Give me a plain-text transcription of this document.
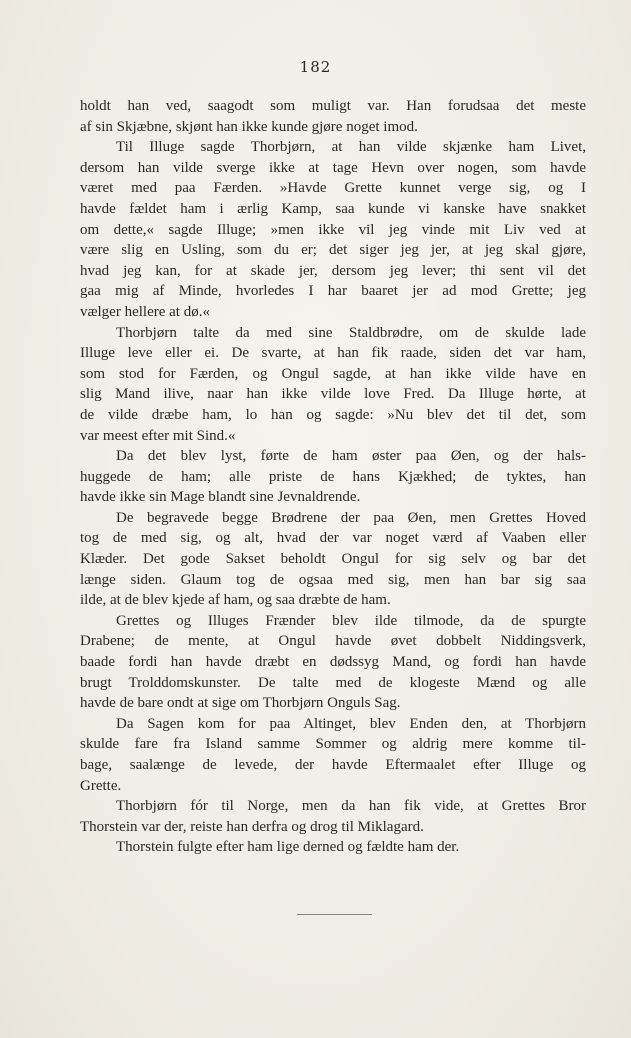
182
holdt han ved, saagodt som muligt var. Han forudsaa det meste
af sin Skjæbne, skjønt han ikke kunde gjøre noget imod.
Til Illuge sagde Thorbjørn, at han vilde skjænke ham Livet,
dersom han vilde sverge ikke at tage Hevn over nogen, som havde
været med paa Færden. »Havde Grette kunnet verge sig, og I
havde fældet ham i ærlig Kamp, saa kunde vi kanske have snakket
om dette,« sagde Illuge; »men ikke vil jeg vinde mit Liv ved at
være slig en Usling, som du er; det siger jeg jer, at jeg skal gjøre,
hvad jeg kan, for at skade jer, dersom jeg lever; thi sent vil det
gaa mig af Minde, hvorledes I har baaret jer ad mod Grette; jeg
vælger hellere at dø.«
Thorbjørn talte da med sine Staldbrødre, om de skulde lade
Illuge leve eller ei. De svarte, at han fik raade, siden det var ham,
som stod for Færden, og Ongul sagde, at han ikke vilde have en
slig Mand ilive, naar han ikke vilde love Fred. Da Illuge hørte, at
de vilde dræbe ham, lo han og sagde: »Nu blev det til det, som
var meest efter mit Sind.«
Da det blev lyst, førte de ham øster paa Øen, og der hals-
huggede de ham; alle priste de hans Kjækhed; de tyktes, han
havde ikke sin Mage blandt sine Jevnaldrende.
De begravede begge Brødrene der paa Øen, men Grettes Hoved
tog de med sig, og alt, hvad der var noget værd af Vaaben eller
Klæder. Det gode Sakset beholdt Ongul for sig selv og bar det
længe siden. Glaum tog de ogsaa med sig, men han bar sig saa
ilde, at de blev kjede af ham, og saa dræbte de ham.
Grettes og Illuges Frænder blev ilde tilmode, da de spurgte
Drabene; de mente, at Ongul havde øvet dobbelt Niddingsverk,
baade fordi han havde dræbt en dødssyg Mand, og fordi han havde
brugt Trolddomskunster. De talte med de klogeste Mænd og alle
havde de bare ondt at sige om Thorbjørn Onguls Sag.
Da Sagen kom for paa Altinget, blev Enden den, at Thorbjørn
skulde fare fra Island samme Sommer og aldrig mere komme til-
bage, saalænge de levede, der havde Eftermaalet efter Illuge og
Grette.
Thorbjørn fór til Norge, men da han fik vide, at Grettes Bror
Thorstein var der, reiste han derfra og drog til Miklagard.
Thorstein fulgte efter ham lige derned og fældte ham der.
